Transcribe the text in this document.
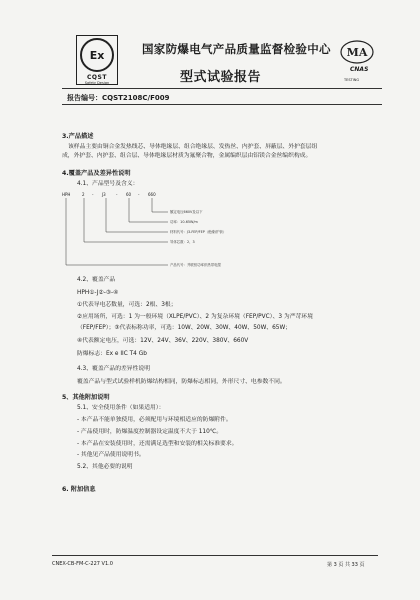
Ex
CQST
Safety Design
国家防爆电气产品质量监督检验中心
型式试验报告
MA
CNAS
TESTING
报告编号：CQST2108C/F009
3.产品描述
该样品主要由铜合金发热线芯、导体绝缘层、组合绝缘层、发热丝、内护套、屏蔽层、外护套层组
成，外护套、内护套、组合层、导体绝缘层材质为氟聚合物，金属编织层由铝镁合金丝编织构成。
4.覆盖产品及差异性说明
4.1、产品型号及含义：
HPH	2 - J3	- 60 - 660
额定电压660V及以下
功率：10-65W/m
材料代号：J3-FEP/FEP（绝缘/护套）
导体芯数：2、3
产品代号：并联恒功率伴热带电缆
4.2、覆盖产品
HPH①-J②-③-④
①代表导电芯数量，可选：2根、3根；
②应用场所，可选：1 为一般环境（XLPE/PVC）、2 为复杂环境（FEP/PVC）、3 为严苛环境
（FEP/FEP）；③代表标称功率，可选：10W、20W、30W、40W、50W、65W；
④代表额定电压，可选：12V、24V、36V、220V、380V、660V
防爆标志：Ex e IIC T4 Gb
4.3、覆盖产品的差异性说明
覆盖产品与型式试验样机防爆结构相同，防爆标志相同，外形尺寸、电参数不同。
5、其他附加说明
5.1、安全使用条件（如果适用）：
- 本产品不能单独使用，必须配用与环境相适应的防爆附件。
- 产品使用时，防爆温度控制器设定温度不大于 110℃。
- 本产品在安装使用时，还需满足选型和安装的相关标准要求。
- 其他见产品使用说明书。
5.2、其他必要的说明
6. 附加信息
CNEX-CB-FM-C-227 V1.0	第 3 页 共 33 页
